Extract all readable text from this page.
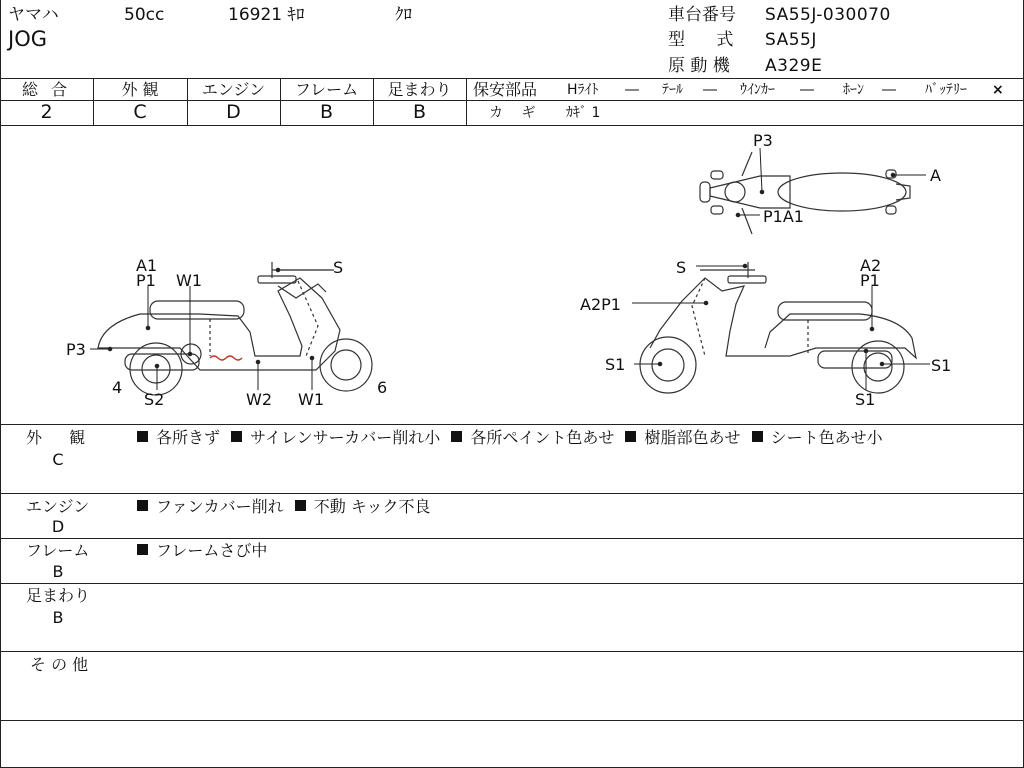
ヤマハ	50cc	16921 ｷﾛ	ｸﾛ
JOG
車台番号 SA55J-030070
型 式 SA55J
原 動 機 A329E
総 合	外 観	エンジン	フレーム	足まわり
2	C	D	B	B
保安部品 Hﾗｲﾄ ― ﾃｰﾙ ― ｳｲﾝｶｰ ― ﾎｰﾝ ― ﾊﾞｯﾃﾘｰ ×
カ ギ ｶｷﾞ 1
P3
A
P1A1
A1
P1 W1
P3
4
S2	W2 W1
6
S	S	A2
P1
A2P1
S1	S1
S1
外 観
C
各所きず サイレンサーカバー削れ小 各所ペイント色あせ 樹脂部色あせ シート色あせ小
エンジン
D
ファンカバー削れ 不動 キック不良
フレーム
B
フレームさび中
足まわり
B
そ の 他
